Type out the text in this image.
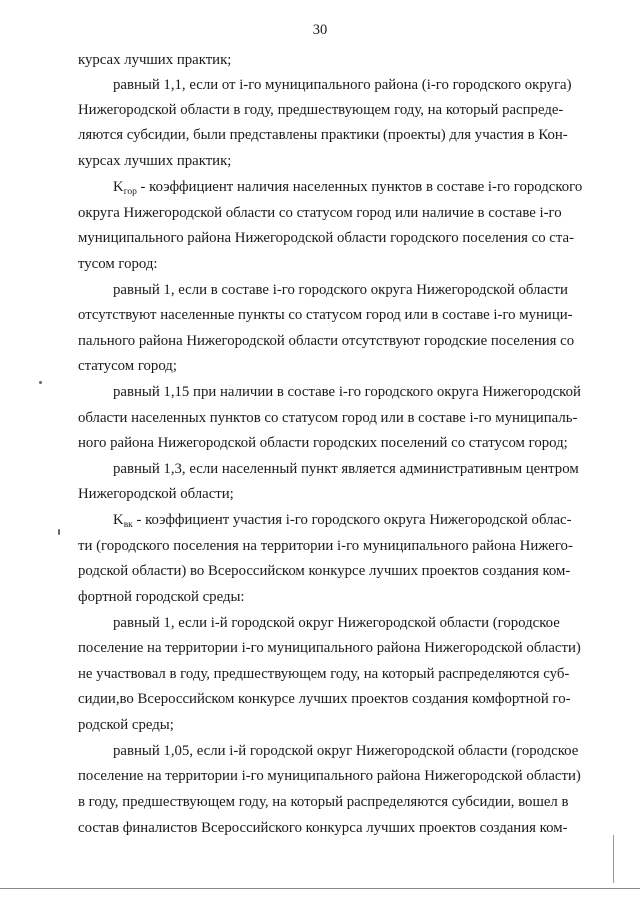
30
курсах лучших практик;
равный 1,1, если от i-го муниципального района (i-го городского округа)
Нижегородской области в году, предшествующем году, на который распреде-
ляются субсидии, были представлены практики (проекты) для участия в Кон-
курсах лучших практик;
$K_{гор}$ - коэффициент наличия населенных пунктов в составе i-го городского
округа Нижегородской области со статусом город или наличие в составе i-го
муниципального района Нижегородской области городского поселения со ста-
тусом город:
равный 1, если в составе i-го городского округа Нижегородской области
отсутствуют населенные пункты со статусом город или в составе i-го муници-
пального района Нижегородской области отсутствуют городские поселения со
статусом город;
равный 1,15 при наличии в составе i-го городского округа Нижегородской
области населенных пунктов со статусом город или в составе i-го муниципаль-
ного района Нижегородской области городских поселений со статусом город;
равный 1,3, если населенный пункт является административным центром
Нижегородской области;
$K_{вк}$ - коэффициент участия i-го городского округа Нижегородской облас-
ти (городского поселения на территории i-го муниципального района Нижего-
родской области) во Всероссийском конкурсе лучших проектов создания ком-
фортной городской среды:
равный 1, если i-й городской округ Нижегородской области (городское
поселение на территории i-го муниципального района Нижегородской области)
не участвовал в году, предшествующем году, на который распределяются суб-
сидии,во Всероссийском конкурсе лучших проектов создания комфортной го-
родской среды;
равный 1,05, если i-й городской округ Нижегородской области (городское
поселение на территории i-го муниципального района Нижегородской области)
в году, предшествующем году, на который распределяются субсидии, вошел в
состав финалистов Всероссийского конкурса лучших проектов создания ком-
